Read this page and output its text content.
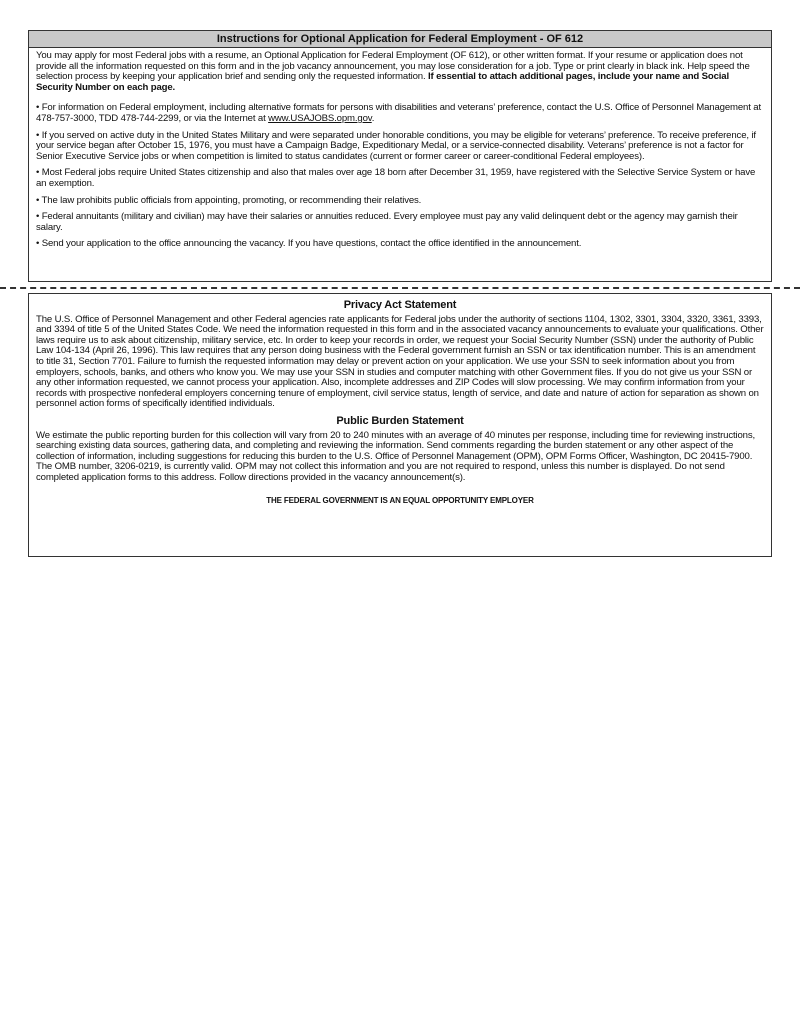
Instructions for Optional Application for Federal Employment - OF 612

You may apply for most Federal jobs with a resume, an Optional Application for Federal Employment (OF 612), or other written format. If your resume or application does not provide all the information requested on this form and in the job vacancy announcement, you may lose consideration for a job. Type or print clearly in black ink. Help speed the selection process by keeping your application brief and sending only the requested information. If essential to attach additional pages, include your name and Social Security Number on each page.

• For information on Federal employment, including alternative formats for persons with disabilities and veterans’ preference, contact the U.S. Office of Personnel Management at 478-757-3000, TDD 478-744-2299, or via the Internet at www.USAJOBS.opm.gov.

• If you served on active duty in the United States Military and were separated under honorable conditions, you may be eligible for veterans’ preference. To receive preference, if your service began after October 15, 1976, you must have a Campaign Badge, Expeditionary Medal, or a service-connected disability. Veterans’ preference is not a factor for Senior Executive Service jobs or when competition is limited to status candidates (current or former career or career-conditional Federal employees).

• Most Federal jobs require United States citizenship and also that males over age 18 born after December 31, 1959, have registered with the Selective Service System or have an exemption.

• The law prohibits public officials from appointing, promoting, or recommending their relatives.

• Federal annuitants (military and civilian) may have their salaries or annuities reduced. Every employee must pay any valid delinquent debt or the agency may garnish their salary.

• Send your application to the office announcing the vacancy. If you have questions, contact the office identified in the announcement.

Privacy Act Statement

The U.S. Office of Personnel Management and other Federal agencies rate applicants for Federal jobs under the authority of sections 1104, 1302, 3301, 3304, 3320, 3361, 3393, and 3394 of title 5 of the United States Code. We need the information requested in this form and in the associated vacancy announcements to evaluate your qualifications. Other laws require us to ask about citizenship, military service, etc. In order to keep your records in order, we request your Social Security Number (SSN) under the authority of Public Law 104-134 (April 26, 1996). This law requires that any person doing business with the Federal government furnish an SSN or tax identification number. This is an amendment to title 31, Section 7701. Failure to furnish the requested information may delay or prevent action on your application. We use your SSN to seek information about you from employers, schools, banks, and others who know you. We may use your SSN in studies and computer matching with other Government files. If you do not give us your SSN or any other information requested, we cannot process your application. Also, incomplete addresses and ZIP Codes will slow processing. We may confirm information from your records with prospective nonfederal employers concerning tenure of employment, civil service status, length of service, and date and nature of action for separation as shown on personnel action forms of specifically identified individuals.

Public Burden Statement

We estimate the public reporting burden for this collection will vary from 20 to 240 minutes with an average of 40 minutes per response, including time for reviewing instructions, searching existing data sources, gathering data, and completing and reviewing the information. Send comments regarding the burden statement or any other aspect of the collection of information, including suggestions for reducing this burden to the U.S. Office of Personnel Management (OPM), OPM Forms Officer, Washington, DC 20415-7900. The OMB number, 3206-0219, is currently valid. OPM may not collect this information and you are not required to respond, unless this number is displayed. Do not send completed application forms to this address. Follow directions provided in the vacancy announcement(s).

THE FEDERAL GOVERNMENT IS AN EQUAL OPPORTUNITY EMPLOYER
